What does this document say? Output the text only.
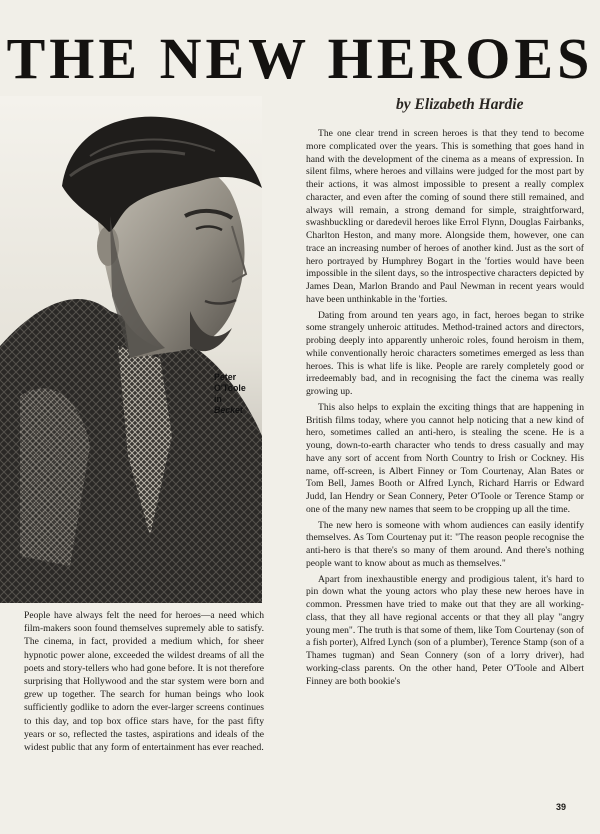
THE NEW HEROES
by Elizabeth Hardie
Peter
O'Toole
in
Becket

People have always felt the need for heroes—a need which film-makers soon found themselves supremely able to satisfy. The cinema, in fact, provided a medium which, for sheer hypnotic power alone, exceeded the wildest dreams of all the poets and story-tellers who had gone before. It is not therefore surprising that Hollywood and the star system were born and grew up together. The search for human beings who look sufficiently godlike to adorn the ever-larger screens continues to this day, and top box office stars have, for the past fifty years or so, reflected the tastes, aspirations and ideals of the widest public that any form of entertainment has ever reached.

The one clear trend in screen heroes is that they tend to become more complicated over the years. This is something that goes hand in hand with the development of the cinema as a means of expression. In silent films, where heroes and villains were judged for the most part by their actions, it was almost impossible to present a really complex character, and even after the coming of sound there still remained, and always will remain, a strong demand for simple, straightforward, swashbuckling or daredevil heroes like Errol Flynn, Douglas Fairbanks, Charlton Heston, and many more. Alongside them, however, one can trace an increasing number of heroes of another kind. Just as the sort of hero portrayed by Humphrey Bogart in the 'forties would have been impossible in the silent days, so the introspective characters depicted by James Dean, Marlon Brando and Paul Newman in recent years would have been unthinkable in the 'forties.

Dating from around ten years ago, in fact, heroes began to strike some strangely unheroic attitudes. Method-trained actors and directors, probing deeply into apparently unheroic roles, found heroism in them, while conventionally heroic characters sometimes emerged as less than heroes. This is what life is like. People are rarely completely good or irredeemably bad, and in recognising the fact the cinema was really growing up.

This also helps to explain the exciting things that are happening in British films today, where you cannot help noticing that a new kind of hero, sometimes called an anti-hero, is stealing the scene. He is a young, down-to-earth character who tends to dress casually and may have any sort of accent from North Country to Irish or Cockney. His name, off-screen, is Albert Finney or Tom Courtenay, Alan Bates or Tom Bell, James Booth or Alfred Lynch, Richard Harris or Edward Judd, Ian Hendry or Sean Connery, Peter O'Toole or Terence Stamp or one of the many new names that seem to be cropping up all the time.

The new hero is someone with whom audiences can easily identify themselves. As Tom Courtenay put it: "The reason people recognise the anti-hero is that there's so many of them around. And there's nothing people want to know about as much as themselves."

Apart from inexhaustible energy and prodigious talent, it's hard to pin down what the young actors who play these new heroes have in common. Pressmen have tried to make out that they are all working-class, that they all have regional accents or that they all play "angry young men". The truth is that some of them, like Tom Courtenay (son of a fish porter), Alfred Lynch (son of a plumber), Terence Stamp (son of a Thames tugman) and Sean Connery (son of a lorry driver), had working-class parents. On the other hand, Peter O'Toole and Albert Finney are both bookie's

39
